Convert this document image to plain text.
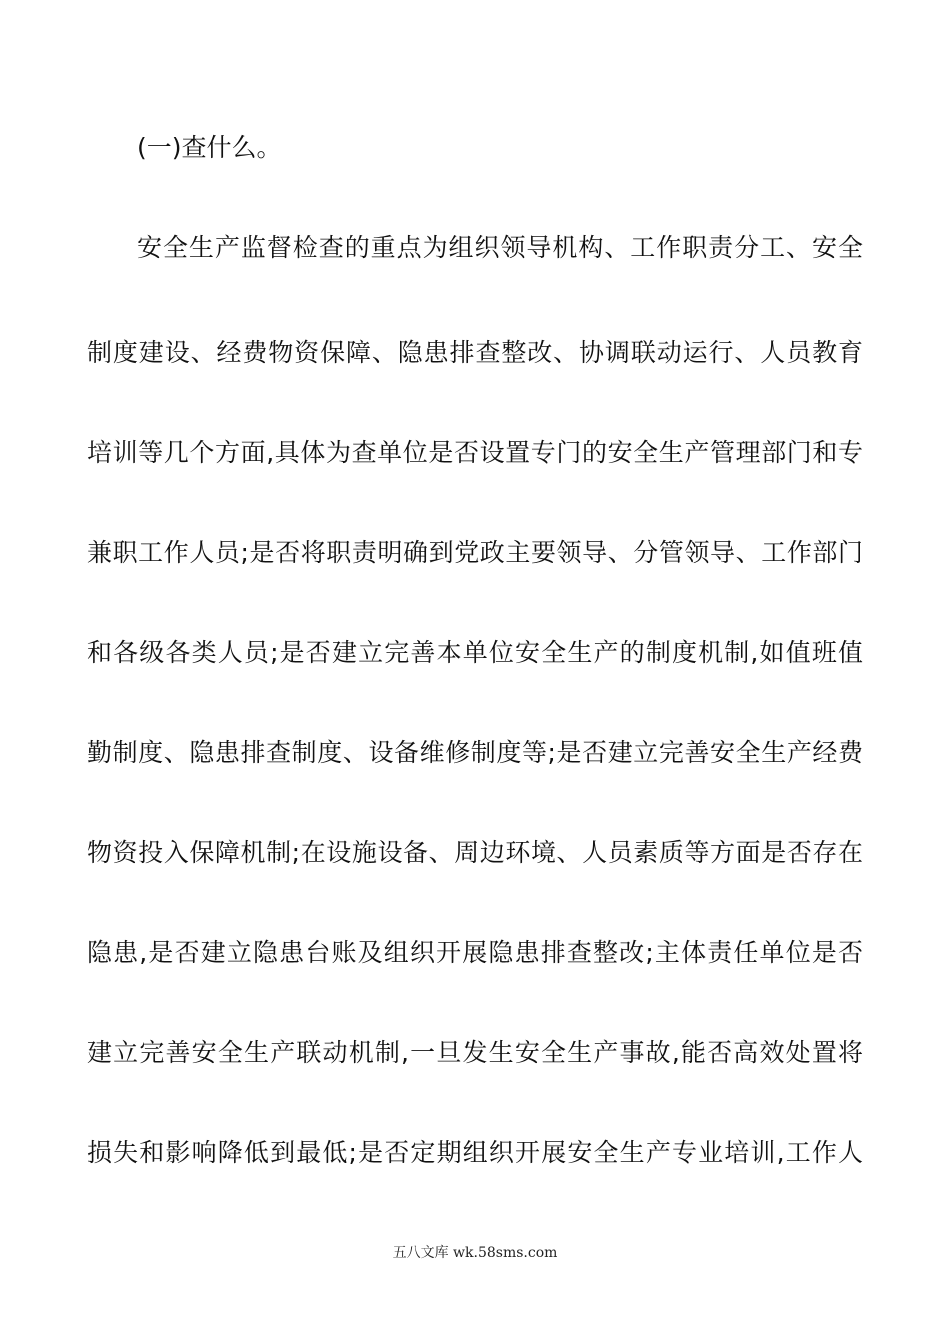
(一)查什么。

安全生产监督检查的重点为组织领导机构、工作职责分工、安全

制度建设、经费物资保障、隐患排查整改、协调联动运行、人员教育

培训等几个方面,具体为查单位是否设置专门的安全生产管理部门和专

兼职工作人员;是否将职责明确到党政主要领导、分管领导、工作部门

和各级各类人员;是否建立完善本单位安全生产的制度机制,如值班值

勤制度、隐患排查制度、设备维修制度等;是否建立完善安全生产经费

物资投入保障机制;在设施设备、周边环境、人员素质等方面是否存在

隐患,是否建立隐患台账及组织开展隐患排查整改;主体责任单位是否

建立完善安全生产联动机制,一旦发生安全生产事故,能否高效处置将

损失和影响降低到最低;是否定期组织开展安全生产专业培训,工作人

五八文库 wk.58sms.com
